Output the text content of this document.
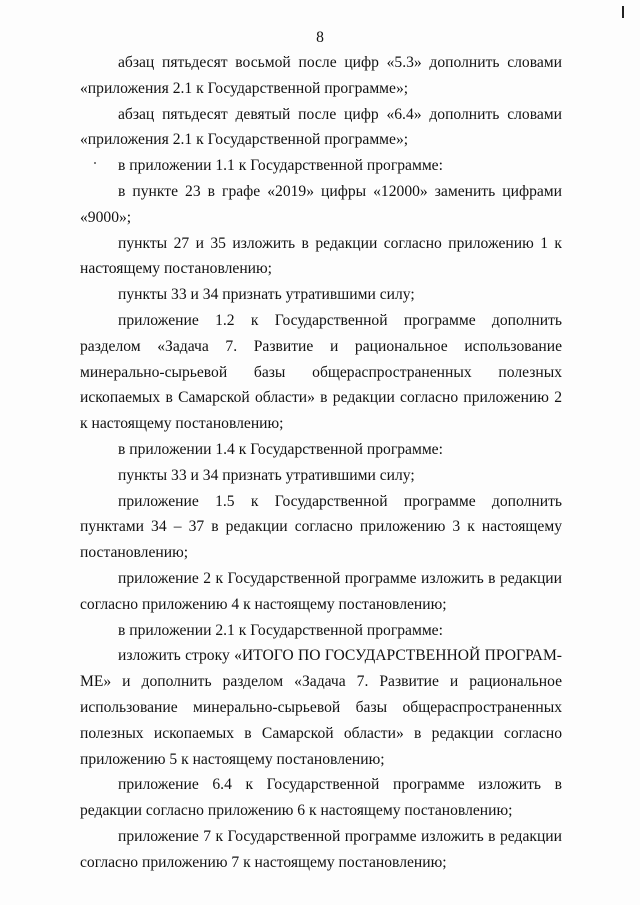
8

абзац пятьдесят восьмой после цифр «5.3» дополнить словами «приложения 2.1 к Государственной программе»;

абзац пятьдесят девятый после цифр «6.4» дополнить словами «приложения 2.1 к Государственной программе»;

в приложении 1.1 к Государственной программе:

в пункте 23 в графе «2019» цифры «12000» заменить цифрами «9000»;

пункты 27 и 35 изложить в редакции согласно приложению 1 к настоящему постановлению;

пункты 33 и 34 признать утратившими силу;

приложение 1.2 к Государственной программе дополнить разделом «Задача 7. Развитие и рациональное использование минерально-сырьевой базы общераспространенных полезных ископаемых в Самарской области» в редакции согласно приложению 2 к настоящему постановлению;

в приложении 1.4 к Государственной программе:

пункты 33 и 34 признать утратившими силу;

приложение 1.5 к Государственной программе дополнить пунктами 34 – 37 в редакции согласно приложению 3 к настоящему постановлению;

приложение 2 к Государственной программе изложить в редакции согласно приложению 4 к настоящему постановлению;

в приложении 2.1 к Государственной программе:

изложить строку «ИТОГО ПО ГОСУДАРСТВЕННОЙ ПРОГРАМ-МЕ» и дополнить разделом «Задача 7. Развитие и рациональное использование минерально-сырьевой базы общераспространенных полезных ископаемых в Самарской области» в редакции согласно приложению 5 к настоящему постановлению;

приложение 6.4 к Государственной программе изложить в редакции согласно приложению 6 к настоящему постановлению;

приложение 7 к Государственной программе изложить в редакции согласно приложению 7 к настоящему постановлению;
